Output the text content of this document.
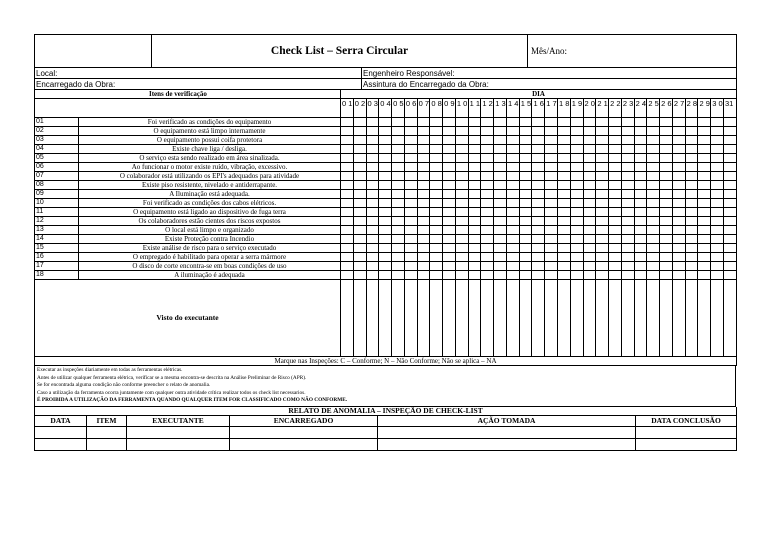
	Check List – Serra Circular	Mês/Ano:
Local:	Engenheiro Responsável:
Encarregado da Obra:	Assintura do Encarregado da Obra:
Itens de verificação		DIA																														
		0 1	0 2	0 3	0 4	0 5	0 6	0 7	0 8	0 9	1 0	1 1	1 2	1 3	1 4	1 5	1 6	1 7	1 8	1 9	2 0	2 1	2 2	2 3	2 4	2 5	2 6	2 7	2 8	2 9	3 0	31
01	Foi verificado as condições do equipamento																															
02	O equipamento está limpo internamente																															
03	O equipamento possui coifa protetora																															
04	Existe chave liga / desliga.																															
05	O serviço esta sendo realizado em área sinalizada.																															
06	Ao funcionar o motor existe ruído, vibração, excessivo.																															
07	O colaborador está utilizando os EPI's adequados para atividade																															
08	Existe piso resistente, nivelado e antiderrapante.																															
09	A Iluminação está adequada.																															
10	Foi verificado as condições dos cabos elétricos.																															
11	O equipamento está ligado ao dispositivo de fuga terra																															
12	Os colaboradores estão cientes dos riscos expostos																															
13	O local está limpo e organizado																															
14	Existe Proteção contra Incendio																															
15	Existe análise de risco para o serviço executado																															
16	O empregado é habilitado para operar a serra mármore																															
17	O disco de corte encontra-se em boas condições de uso																															
18	A iluminação é adequada																															
Visto do executante																																
Marque nas Inspeções: C – Conforme; N – Não Conforme; Não se aplica – NA																																
Executar as inspeções diariamente em todas as ferramentas elétricas.
Antes de utilizar qualquer ferramenta elétrica, verificar se a mesma encontra-se descrita na Análise Preliminar de Risco (APR).
Se for encontrada alguma condição não conforme preencher o relato de anomalia.
Caso a utilização da ferramenta ocorra juntamente com qualquer outra atividade crítica realizar todos os check list necessarios.
É PROIBIDA A UTILIZAÇÃO DA FERRAMENTA QUANDO QUALQUER ITEM FOR CLASSIFICADO COMO NÃO CONFORME.
RELATO DE ANOMALIA – INSPEÇÃO DE CHECK-LIST					
DATA	ITEM	EXECUTANTE	ENCARREGADO	AÇÃO TOMADA	DATA CONCLUSÃO
